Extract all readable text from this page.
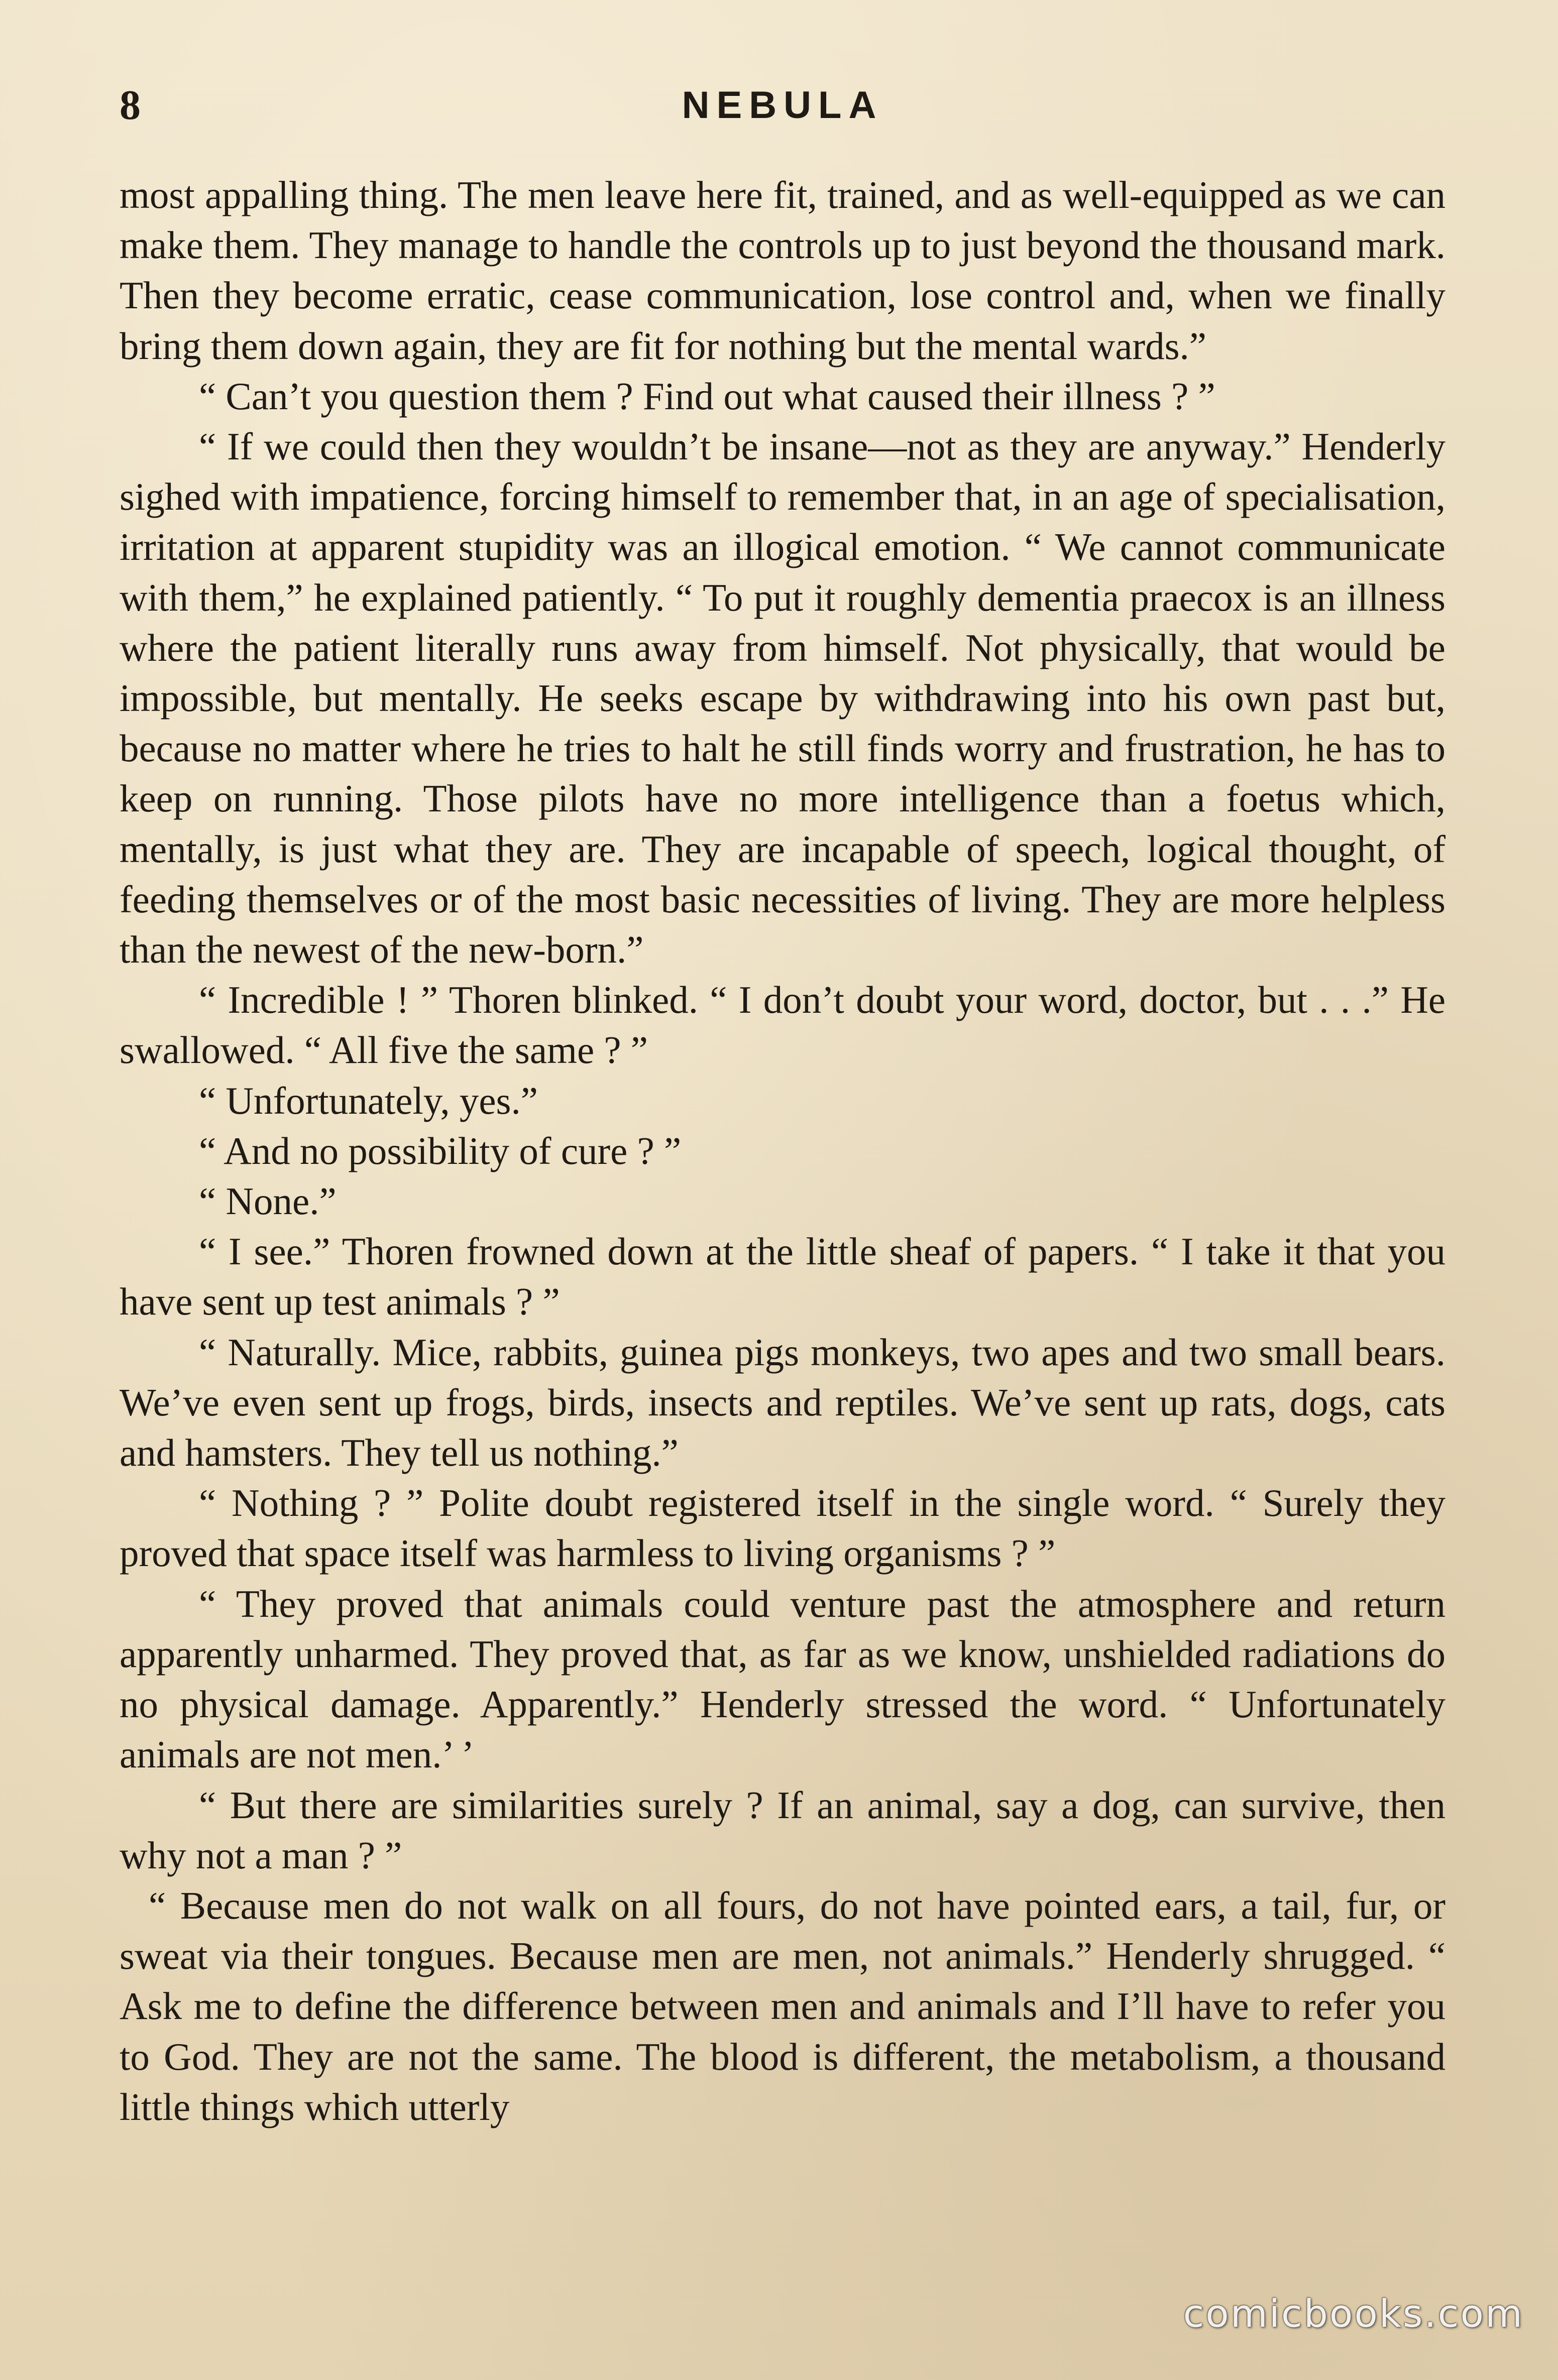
8	NEBULA

most appalling thing. The men leave here fit, trained, and as well-equipped as we can make them. They manage to handle the controls up to just beyond the thousand mark. Then they become erratic, cease communication, lose control and, when we finally bring them down again, they are fit for nothing but the mental wards.”

“ Can’t you question them ? Find out what caused their illness ? ”

“ If we could then they wouldn’t be insane—not as they are anyway.” Henderly sighed with impatience, forcing himself to remember that, in an age of specialisation, irritation at apparent stupidity was an illogical emotion. “ We cannot communicate with them,” he explained patiently. “ To put it roughly dementia praecox is an illness where the patient literally runs away from himself. Not physically, that would be impossible, but mentally. He seeks escape by withdrawing into his own past but, because no matter where he tries to halt he still finds worry and frustration, he has to keep on running. Those pilots have no more intelligence than a foetus which, mentally, is just what they are. They are incapable of speech, logical thought, of feeding themselves or of the most basic necessities of living. They are more helpless than the newest of the new-born.”

“ Incredible ! ” Thoren blinked. “ I don’t doubt your word, doctor, but . . .” He swallowed. “ All five the same ? ”

“ Unfortunately, yes.”

“ And no possibility of cure ? ”

“ None.”

“ I see.” Thoren frowned down at the little sheaf of papers. “ I take it that you have sent up test animals ? ”

“ Naturally. Mice, rabbits, guinea pigs monkeys, two apes and two small bears. We’ve even sent up frogs, birds, insects and reptiles. We’ve sent up rats, dogs, cats and hamsters. They tell us nothing.”

“ Nothing ? ” Polite doubt registered itself in the single word. “ Surely they proved that space itself was harmless to living organisms ? ”

“ They proved that animals could venture past the atmosphere and return apparently unharmed. They proved that, as far as we know, unshielded radiations do no physical damage. Apparently.” Henderly stressed the word. “ Unfortunately animals are not men.’ ’

“ But there are similarities surely ? If an animal, say a dog, can survive, then why not a man ? ”

“ Because men do not walk on all fours, do not have pointed ears, a tail, fur, or sweat via their tongues. Because men are men, not animals.” Henderly shrugged. “ Ask me to define the difference between men and animals and I’ll have to refer you to God. They are not the same. The blood is different, the metabolism, a thousand little things which utterly

comicbooks.com
